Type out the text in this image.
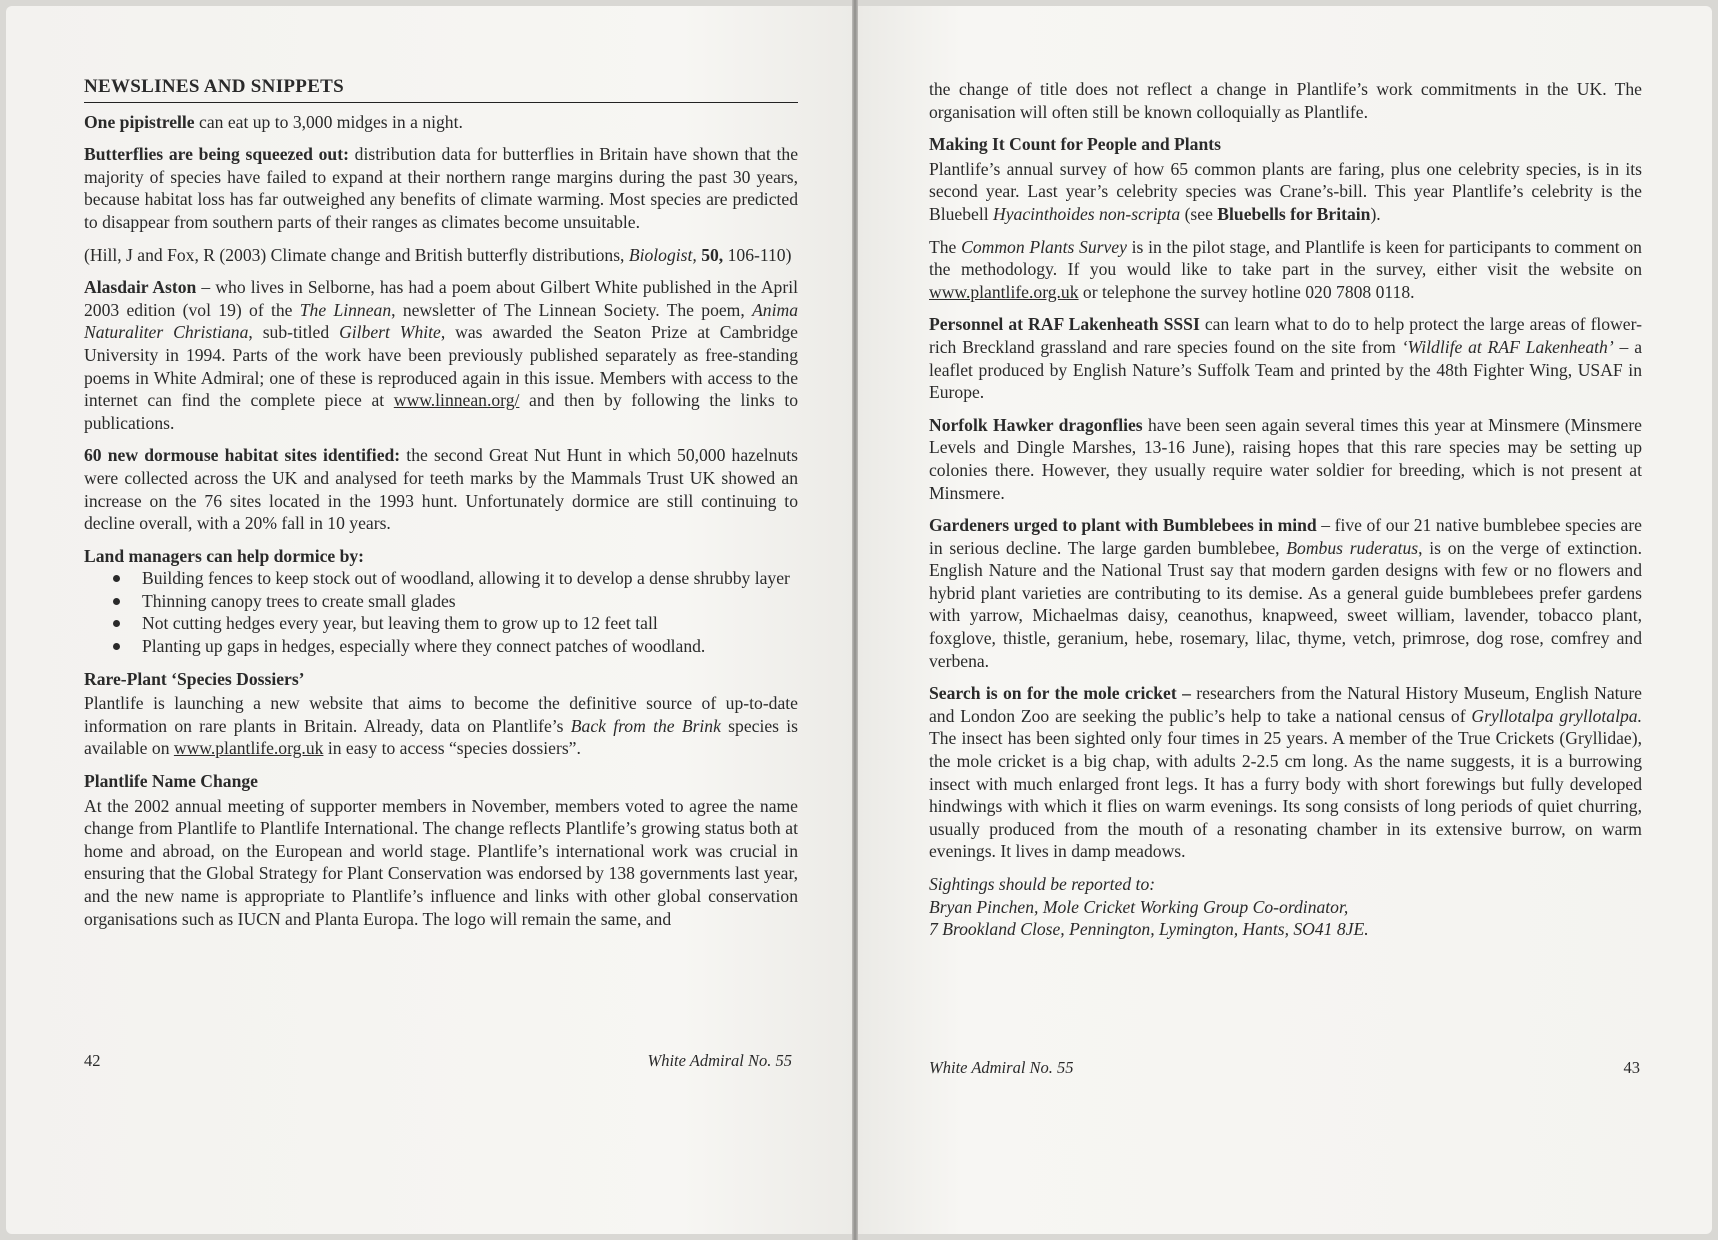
NEWSLINES AND SNIPPETS

One pipistrelle can eat up to 3,000 midges in a night.

Butterflies are being squeezed out: distribution data for butterflies in Britain have shown that the majority of species have failed to expand at their northern range margins during the past 30 years, because habitat loss has far outweighed any benefits of climate warming. Most species are predicted to disappear from southern parts of their ranges as climates become unsuitable.

(Hill, J and Fox, R (2003) Climate change and British butterfly distributions, Biologist, 50, 106-110)

Alasdair Aston – who lives in Selborne, has had a poem about Gilbert White published in the April 2003 edition (vol 19) of the The Linnean, newsletter of The Linnean Society. The poem, Anima Naturaliter Christiana, sub-titled Gilbert White, was awarded the Seaton Prize at Cambridge University in 1994. Parts of the work have been previously published separately as free-standing poems in White Admiral; one of these is reproduced again in this issue. Members with access to the internet can find the complete piece at www.linnean.org/ and then by following the links to publications.

60 new dormouse habitat sites identified: the second Great Nut Hunt in which 50,000 hazelnuts were collected across the UK and analysed for teeth marks by the Mammals Trust UK showed an increase on the 76 sites located in the 1993 hunt. Unfortunately dormice are still continuing to decline overall, with a 20% fall in 10 years.

Land managers can help dormice by:
Building fences to keep stock out of woodland, allowing it to develop a dense shrubby layer
Thinning canopy trees to create small glades
Not cutting hedges every year, but leaving them to grow up to 12 feet tall
Planting up gaps in hedges, especially where they connect patches of woodland.
Rare-Plant ‘Species Dossiers’

Plantlife is launching a new website that aims to become the definitive source of up-to-date information on rare plants in Britain. Already, data on Plantlife’s Back from the Brink species is available on www.plantlife.org.uk in easy to access “species dossiers”.

Plantlife Name Change

At the 2002 annual meeting of supporter members in November, members voted to agree the name change from Plantlife to Plantlife International. The change reflects Plantlife’s growing status both at home and abroad, on the European and world stage. Plantlife’s international work was crucial in ensuring that the Global Strategy for Plant Conservation was endorsed by 138 governments last year, and the new name is appropriate to Plantlife’s influence and links with other global conservation organisations such as IUCN and Planta Europa. The logo will remain the same, and

42	White Admiral No. 55

the change of title does not reflect a change in Plantlife’s work commitments in the UK. The organisation will often still be known colloquially as Plantlife.

Making It Count for People and Plants

Plantlife’s annual survey of how 65 common plants are faring, plus one celebrity species, is in its second year. Last year’s celebrity species was Crane’s-bill. This year Plantlife’s celebrity is the Bluebell Hyacinthoides non-scripta (see Bluebells for Britain).

The Common Plants Survey is in the pilot stage, and Plantlife is keen for participants to comment on the methodology. If you would like to take part in the survey, either visit the website on www.plantlife.org.uk or telephone the survey hotline 020 7808 0118.

Personnel at RAF Lakenheath SSSI can learn what to do to help protect the large areas of flower-rich Breckland grassland and rare species found on the site from ‘Wildlife at RAF Lakenheath’ – a leaflet produced by English Nature’s Suffolk Team and printed by the 48th Fighter Wing, USAF in Europe.

Norfolk Hawker dragonflies have been seen again several times this year at Minsmere (Minsmere Levels and Dingle Marshes, 13-16 June), raising hopes that this rare species may be setting up colonies there. However, they usually require water soldier for breeding, which is not present at Minsmere.

Gardeners urged to plant with Bumblebees in mind – five of our 21 native bumblebee species are in serious decline. The large garden bumblebee, Bombus ruderatus, is on the verge of extinction. English Nature and the National Trust say that modern garden designs with few or no flowers and hybrid plant varieties are contributing to its demise. As a general guide bumblebees prefer gardens with yarrow, Michaelmas daisy, ceanothus, knapweed, sweet william, lavender, tobacco plant, foxglove, thistle, geranium, hebe, rosemary, lilac, thyme, vetch, primrose, dog rose, comfrey and verbena.

Search is on for the mole cricket – researchers from the Natural History Museum, English Nature and London Zoo are seeking the public’s help to take a national census of Gryllotalpa gryllotalpa. The insect has been sighted only four times in 25 years. A member of the True Crickets (Gryllidae), the mole cricket is a big chap, with adults 2-2.5 cm long. As the name suggests, it is a burrowing insect with much enlarged front legs. It has a furry body with short forewings but fully developed hindwings with which it flies on warm evenings. Its song consists of long periods of quiet churring, usually produced from the mouth of a resonating chamber in its extensive burrow, on warm evenings. It lives in damp meadows.

Sightings should be reported to:
Bryan Pinchen, Mole Cricket Working Group Co-ordinator,
7 Brookland Close, Pennington, Lymington, Hants, SO41 8JE.
White Admiral No. 55	43
